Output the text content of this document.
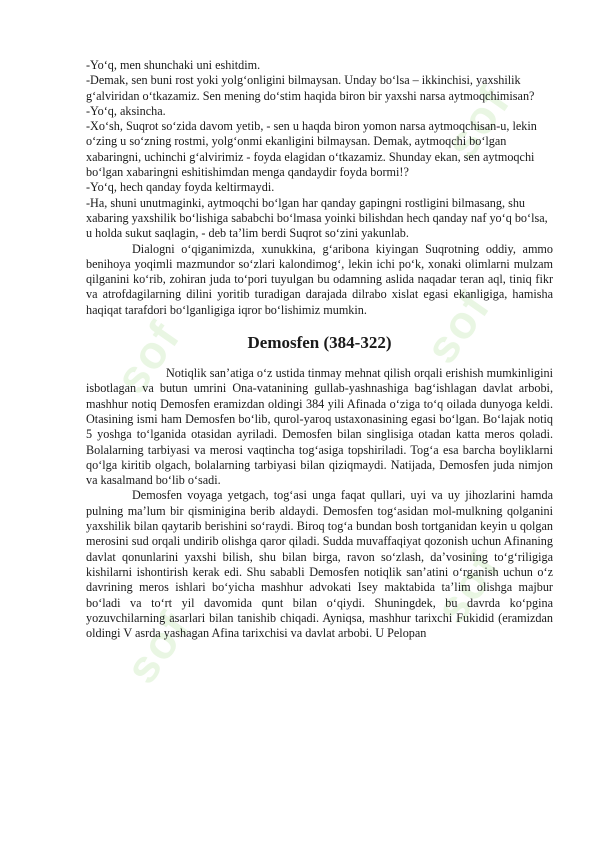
sof
sof	sof
sof
sof

-Yo‘q, men shunchaki uni eshitdim.

-Demak, sen buni rost yoki yolg‘onligini bilmaysan. Unday bo‘lsa – ikkinchisi, yaxshilik g‘alviridan o‘tkazamiz. Sen mening do‘stim haqida biron bir yaxshi narsa aytmoqchimisan?

-Yo‘q, aksincha.

-Xo‘sh, Suqrot so‘zida davom yetib, - sen u haqda biron yomon narsa aytmoqchisan-u, lekin o‘zing u so‘zning rostmi, yolg‘onmi ekanligini bilmaysan. Demak, aytmoqchi bo‘lgan xabaringni, uchinchi g‘alvirimiz - foyda elagidan o‘tkazamiz. Shunday ekan, sen aytmoqchi bo‘lgan xabaringni eshitishimdan menga qandaydir foyda bormi!?

-Yo‘q, hech qanday foyda keltirmaydi.

-Ha, shuni unutmaginki, aytmoqchi bo‘lgan har qanday gapingni rostligini bilmasang, shu xabaring yaxshilik bo‘lishiga sababchi bo‘lmasa yoinki bilishdan hech qanday naf yo‘q bo‘lsa, u holda sukut saqlagin, - deb ta’lim berdi Suqrot so‘zini yakunlab.

Dialogni o‘qiganimizda, xunukkina, g‘aribona kiyingan Suqrotning oddiy, ammo benihoya yoqimli mazmundor so‘zlari kalondimog‘, lekin ichi po‘k, xonaki olimlarni mulzam qilganini ko‘rib, zohiran juda to‘pori tuyulgan bu odamning aslida naqadar teran aql, tiniq fikr va atrofdagilarning dilini yoritib turadigan darajada dilrabo xislat egasi ekanligiga, hamisha haqiqat tarafdori bo‘lganligiga iqror bo‘lishimiz mumkin.

Demosfen (384-322)

Notiqlik san’atiga o‘z ustida tinmay mehnat qilish orqali erishish mumkinligini isbotlagan va butun umrini Ona-vatanining gullab-yashnashiga bag‘ishlagan davlat arbobi, mashhur notiq Demosfen eramizdan oldingi 384 yili Afinada o‘ziga to‘q oilada dunyoga keldi. Otasining ismi ham Demosfen bo‘lib, qurol-yaroq ustaxonasining egasi bo‘lgan. Bo‘lajak notiq 5 yoshga to‘lganida otasidan ayriladi. Demosfen bilan singlisiga otadan katta meros qoladi. Bolalarning tarbiyasi va merosi vaqtincha tog‘asiga topshiriladi. Tog‘a esa barcha boyliklarni qo‘lga kiritib olgach, bolalarning tarbiyasi bilan qiziqmaydi. Natijada, Demosfen juda nimjon va kasalmand bo‘lib o‘sadi.

Demosfen voyaga yetgach, tog‘asi unga faqat qullari, uyi va uy jihozlarini hamda pulning ma’lum bir qisminigina berib aldaydi. Demosfen tog‘asidan mol-mulkning qolganini yaxshilik bilan qaytarib berishini so‘raydi. Biroq tog‘a bundan bosh tortganidan keyin u qolgan merosini sud orqali undirib olishga qaror qiladi. Sudda muvaffaqiyat qozonish uchun Afinaning davlat qonunlarini yaxshi bilish, shu bilan birga, ravon so‘zlash, da’vosining to‘g‘riligiga kishilarni ishontirish kerak edi. Shu sababli Demosfen notiqlik san’atini o‘rganish uchun o‘z davrining meros ishlari bo‘yicha mashhur advokati Isey maktabida ta’lim olishga majbur bo‘ladi va to‘rt yil davomida qunt bilan o‘qiydi. Shuningdek, bu davrda ko‘pgina yozuvchilarning asarlari bilan tanishib chiqadi. Ayniqsa, mashhur tarixchi Fukidid (eramizdan oldingi V asrda yashagan Afina tarixchisi va davlat arbobi. U Pelopan
